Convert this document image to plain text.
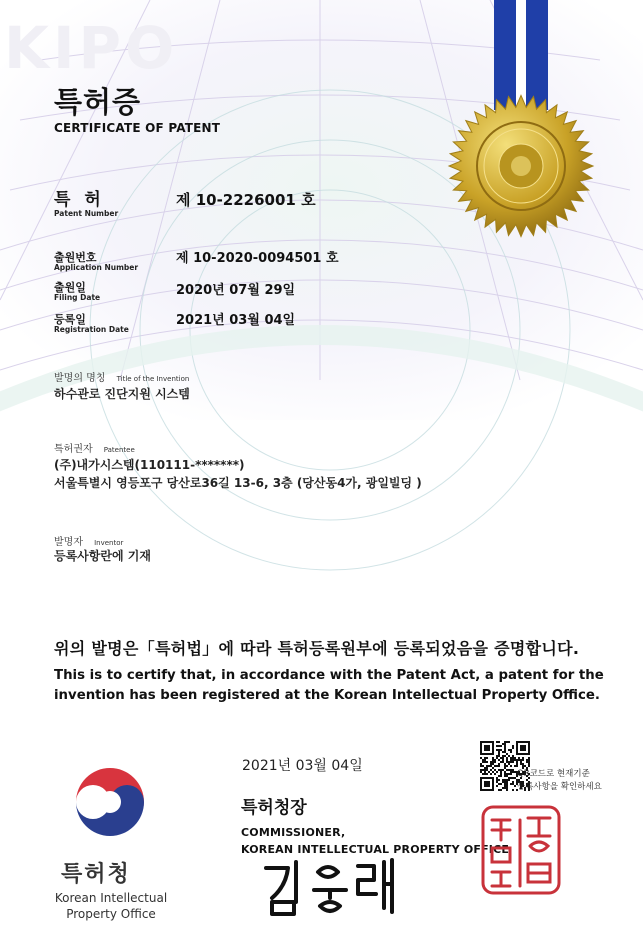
KIPO
특허증
CERTIFICATE OF PATENT
특 허
Patent Number
제 10-2226001 호
출원번호
Application Number
제 10-2020-0094501 호
출원일
Filing Date	2020년 07월 29일
등록일
Registration Date
2021년 03월 04일
발명의 명칭 Title of the Invention
하수관로 진단지원 시스템
특허권자 Patentee
(주)내가시스템(110111-*******)
서울특별시 영등포구 당산로36길 13-6, 3층 (당산동4가, 광일빌딩 )
발명자 Inventor
등록사항란에 기재
위의 발명은「특허법」에 따라 특허등록원부에 등록되었음을 증명합니다.
This is to certify that, in accordance with the Patent Act, a patent for the
invention has been registered at the Korean Intellectual Property Office.
2021년 03월 04일
특허청장
COMMISSIONER,
KOREAN INTELLECTUAL PROPERTY OFFICE
QR코드로 현재기준
등록사항을 확인하세요
특허청
Korean Intellectual
Property Office
